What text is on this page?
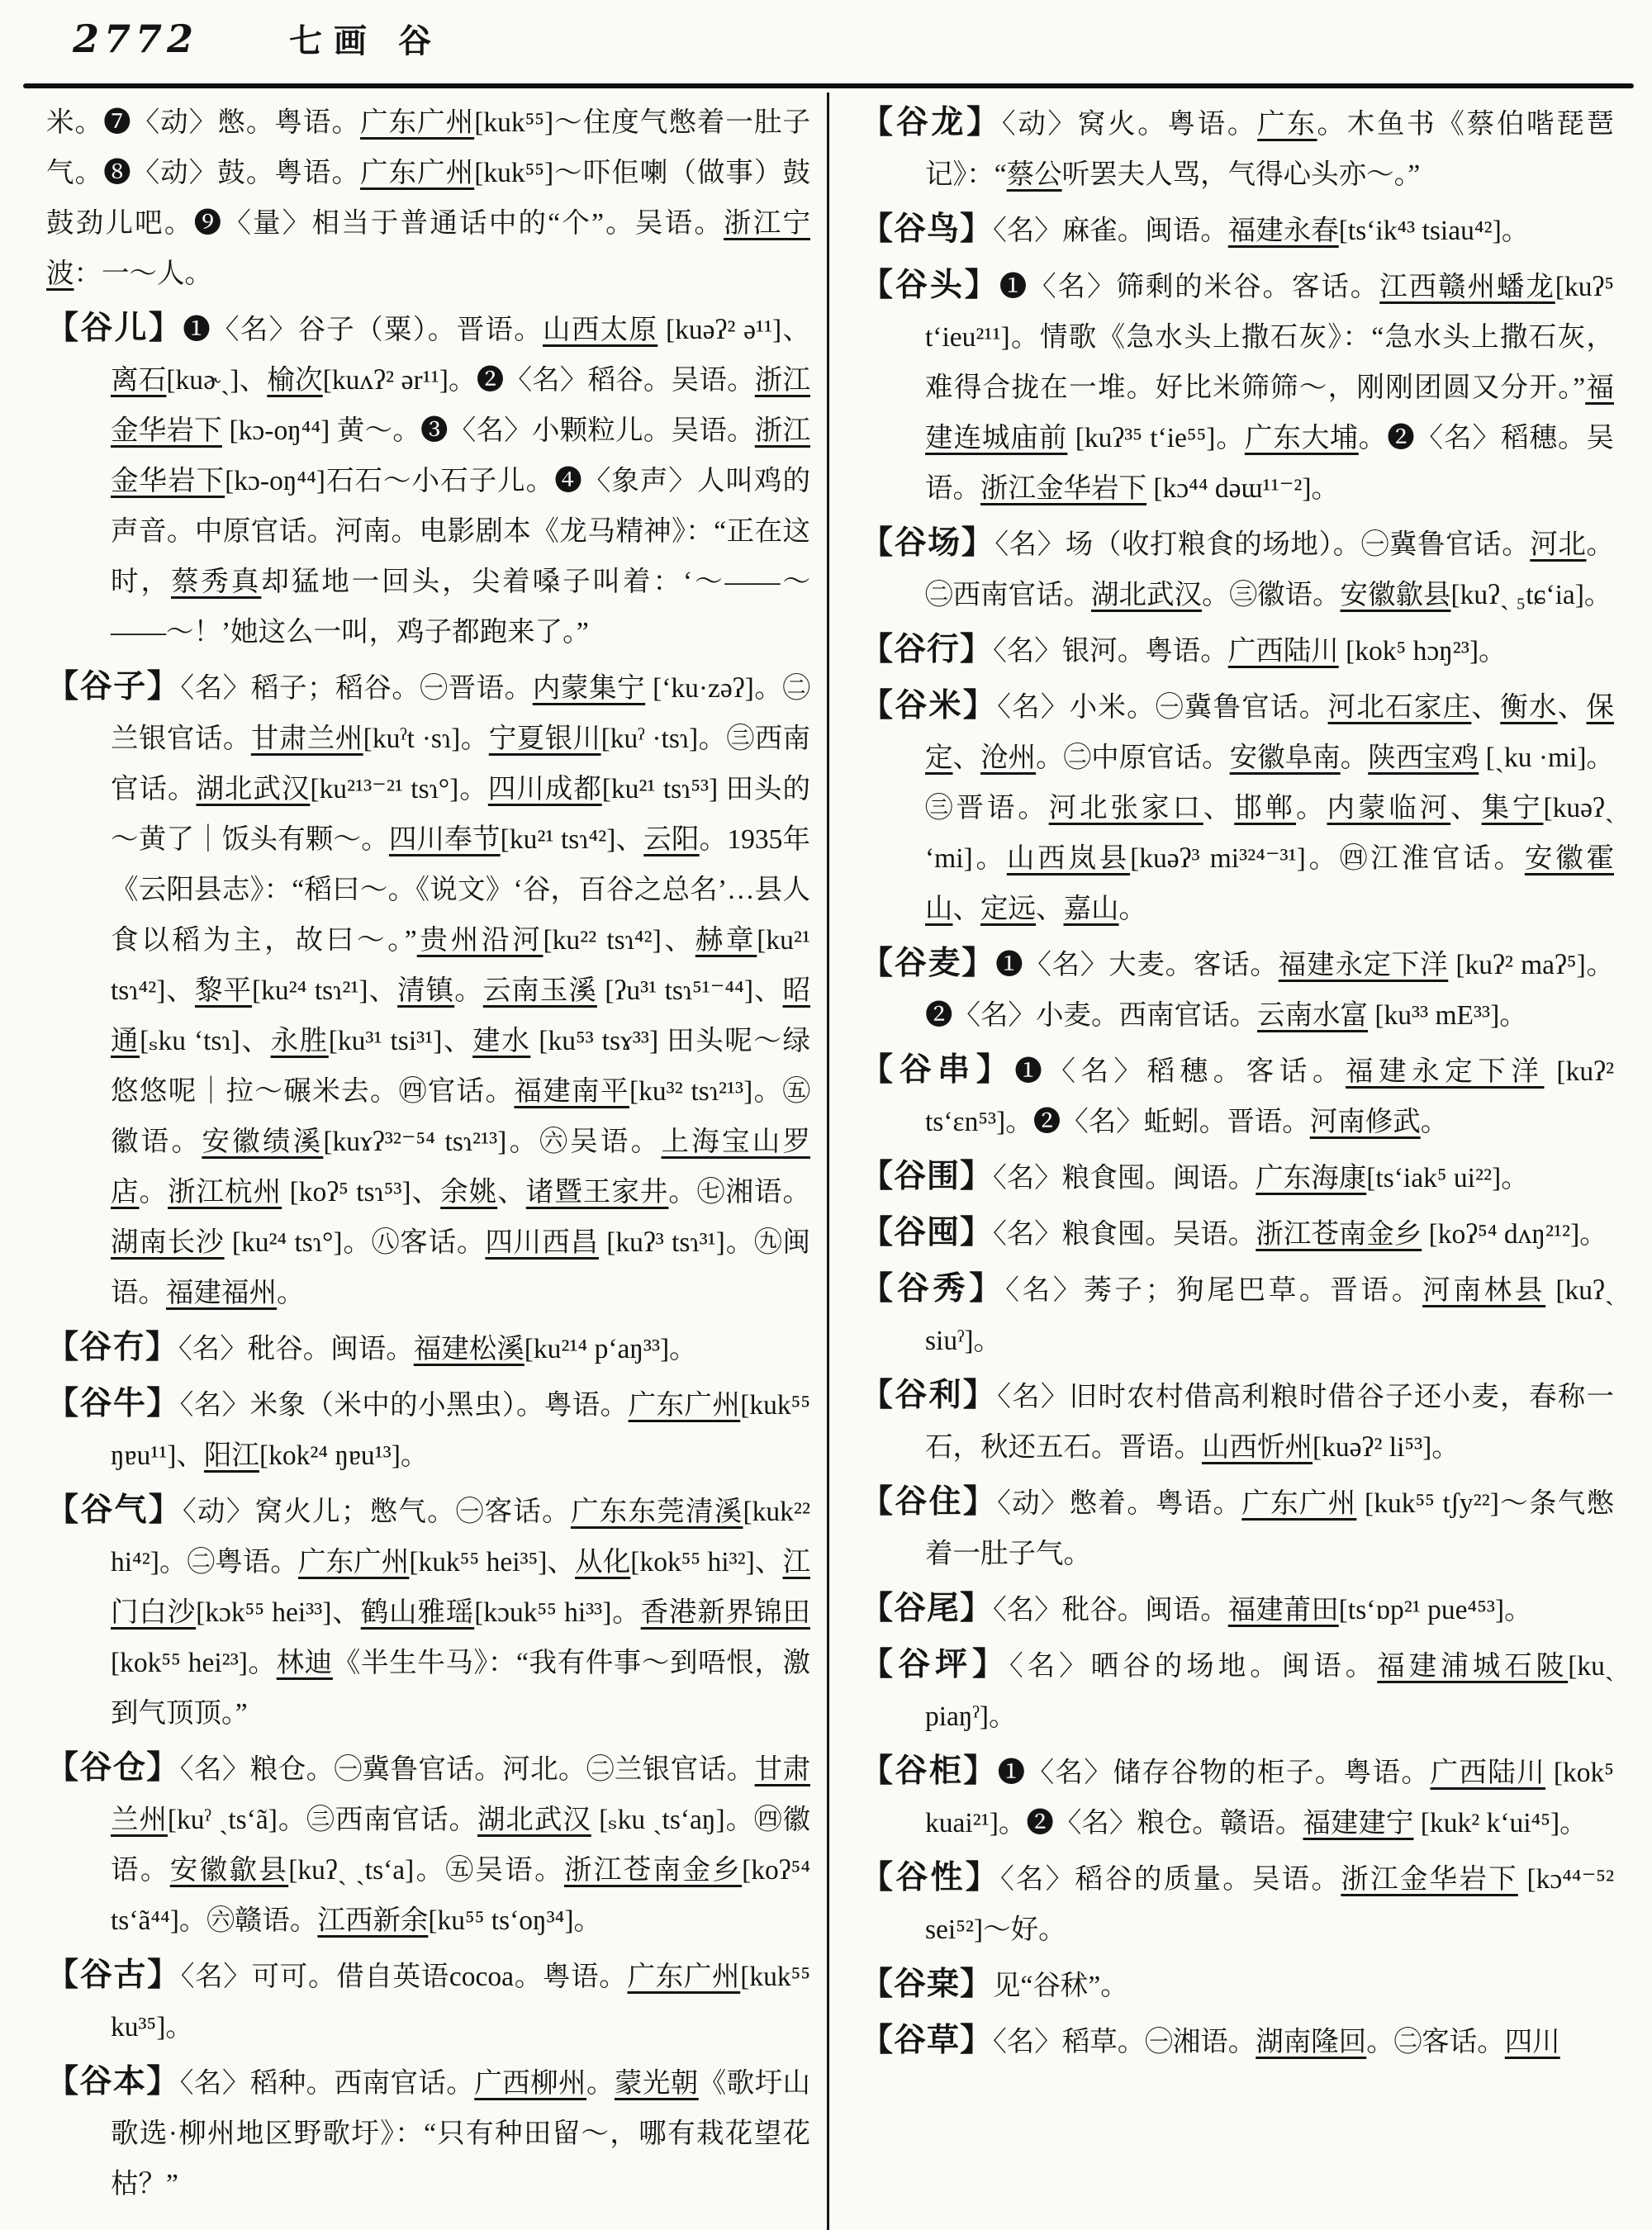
2772	七画 谷
米。❼〈动〉憋。粤语。广东广州[kuk⁵⁵]～住度气憋着一肚子气。❽〈动〉鼓。粤语。广东广州[kuk⁵⁵]～吓佢喇（做事）鼓鼓劲儿吧。❾〈量〉相当于普通话中的“个”。吴语。浙江宁波：一～人。
【谷儿】❶〈名〉谷子（粟）。晋语。山西太原 [kuəʔ² ə¹¹]、离石[kuɚˏ]、榆次[kuʌʔ² ər¹¹]。❷〈名〉稻谷。吴语。浙江金华岩下 [kɔ-oŋ⁴⁴] 黄～。❸〈名〉小颗粒儿。吴语。浙江金华岩下[kɔ-oŋ⁴⁴]石石～小石子儿。❹〈象声〉人叫鸡的声音。中原官话。河南。电影剧本《龙马精神》：“正在这时，蔡秀真却猛地一回头，尖着嗓子叫着：‘～——～——～！’她这么一叫，鸡子都跑来了。”
【谷子】〈名〉稻子；稻谷。㊀晋语。内蒙集宁 [ʻku·zəʔ]。㊁兰银官话。甘肃兰州[kuˀt ·sɿ]。宁夏银川[kuˀ ·tsɿ]。㊂西南官话。湖北武汉[ku²¹³⁻²¹ tsɿ°]。四川成都[ku²¹ tsɿ⁵³] 田头的～黄了｜饭头有颗～。四川奉节[ku²¹ tsɿ⁴²]、云阳。1935年《云阳县志》：“稻曰～。《说文》‘谷，百谷之总名’…县人食以稻为主，故曰～。”贵州沿河[ku²² tsɿ⁴²]、赫章[ku²¹ tsɿ⁴²]、黎平[ku²⁴ tsɿ²¹]、清镇。云南玉溪 [ʔu³¹ tsɿ⁵¹⁻⁴⁴]、昭通[ₛku ʻtsɿ]、永胜[ku³¹ tsi³¹]、建水 [ku⁵³ tsɤ³³] 田头呢～绿悠悠呢｜拉～碾米去。㊃官话。福建南平[ku³² tsɿ²¹³]。㊄徽语。安徽绩溪[kuɤʔ³²⁻⁵⁴ tsɿ²¹³]。㊅吴语。上海宝山罗店。浙江杭州 [koʔ⁵ tsɿ⁵³]、余姚、诸暨王家井。㊆湘语。湖南长沙 [ku²⁴ tsɿ°]。㊇客话。四川西昌 [kuʔ³ tsɿ³¹]。㊈闽语。福建福州。
【谷冇】〈名〉秕谷。闽语。福建松溪[ku²¹⁴ pʻaŋ³³]。
【谷牛】〈名〉米象（米中的小黑虫）。粤语。广东广州[kuk⁵⁵ ŋɐu¹¹]、阳江[kok²⁴ ŋɐu¹³]。
【谷气】〈动〉窝火儿；憋气。㊀客话。广东东莞清溪[kuk²² hi⁴²]。㊁粤语。广东广州[kuk⁵⁵ hei³⁵]、从化[kok⁵⁵ hi³²]、江门白沙[kɔk⁵⁵ hei³³]、鹤山雅瑶[kɔuk⁵⁵ hi³³]。香港新界锦田 [kok⁵⁵ hei²³]。林迪《半生牛马》：“我有件事～到唔恨，激到气顶顶。”
【谷仓】〈名〉粮仓。㊀冀鲁官话。河北。㊁兰银官话。甘肃兰州[kuˀ ˏtsʻã]。㊂西南官话。湖北武汉 [ₛku ˏtsʻaŋ]。㊃徽语。安徽歙县[kuʔˏ ˏtsʻa]。㊄吴语。浙江苍南金乡[koʔ⁵⁴ tsʻã⁴⁴]。㊅赣语。江西新余[ku⁵⁵ tsʻoŋ³⁴]。
【谷古】〈名〉可可。借自英语cocoa。粤语。广东广州[kuk⁵⁵ ku³⁵]。
【谷本】〈名〉稻种。西南官话。广西柳州。蒙光朝《歌圩山歌选·柳州地区野歌圩》：“只有种田留～，哪有栽花望花枯？”
【谷龙】〈动〉窝火。粤语。广东。木鱼书《蔡伯喈琵琶记》：“蔡公听罢夫人骂，气得心头亦～。”
【谷鸟】〈名〉麻雀。闽语。福建永春[tsʻik⁴³ tsiau⁴²]。
【谷头】❶〈名〉筛剩的米谷。客话。江西赣州蟠龙[kuʔ⁵ tʻieu²¹¹]。情歌《急水头上撒石灰》：“急水头上撒石灰，难得合拢在一堆。好比米筛筛～，刚刚团圆又分开。”福建连城庙前 [kuʔ³⁵ tʻie⁵⁵]。广东大埔。❷〈名〉稻穗。吴语。浙江金华岩下 [kɔ⁴⁴ dəɯ¹¹⁻²]。
【谷场】〈名〉场（收打粮食的场地）。㊀冀鲁官话。河北。㊁西南官话。湖北武汉。㊂徽语。安徽歙县[kuʔˏ ₅tɕʻia]。
【谷行】〈名〉银河。粤语。广西陆川 [kok⁵ hɔŋ²³]。
【谷米】〈名〉小米。㊀冀鲁官话。河北石家庄、衡水、保定、沧州。㊁中原官话。安徽阜南。陕西宝鸡 [ˏku ·mi]。㊂晋语。河北张家口、邯郸。内蒙临河、集宁[kuəʔˏ ʻmi]。山西岚县[kuəʔ³ mi³²⁴⁻³¹]。㊃江淮官话。安徽霍山、定远、嘉山。
【谷麦】❶〈名〉大麦。客话。福建永定下洋 [kuʔ² maʔ⁵]。❷〈名〉小麦。西南官话。云南水富 [ku³³ mE³³]。
【谷串】❶〈名〉稻穗。客话。福建永定下洋 [kuʔ² tsʻɛn⁵³]。❷〈名〉蚯蚓。晋语。河南修武。
【谷围】〈名〉粮食囤。闽语。广东海康[tsʻiak⁵ ui²²]。
【谷囤】〈名〉粮食囤。吴语。浙江苍南金乡 [koʔ⁵⁴ dʌŋ²¹²]。
【谷秀】〈名〉莠子；狗尾巴草。晋语。河南林县 [kuʔˏ siuˀ]。
【谷利】〈名〉旧时农村借高利粮时借谷子还小麦，春称一石，秋还五石。晋语。山西忻州[kuəʔ² li⁵³]。
【谷住】〈动〉憋着。粤语。广东广州 [kuk⁵⁵ tʃy²²]～条气憋着一肚子气。
【谷尾】〈名〉秕谷。闽语。福建莆田[tsʻɒp²¹ pue⁴⁵³]。
【谷坪】〈名〉晒谷的场地。闽语。福建浦城石陂[kuˏ piaŋˀ]。
【谷柜】❶〈名〉储存谷物的柜子。粤语。广西陆川 [kok⁵ kuai²¹]。❷〈名〉粮仓。赣语。福建建宁 [kuk² kʻui⁴⁵]。
【谷性】〈名〉稻谷的质量。吴语。浙江金华岩下 [kɔ⁴⁴⁻⁵² sei⁵²]～好。
【谷枽】见“谷秫”。
【谷草】〈名〉稻草。㊀湘语。湖南隆回。㊁客话。四川
